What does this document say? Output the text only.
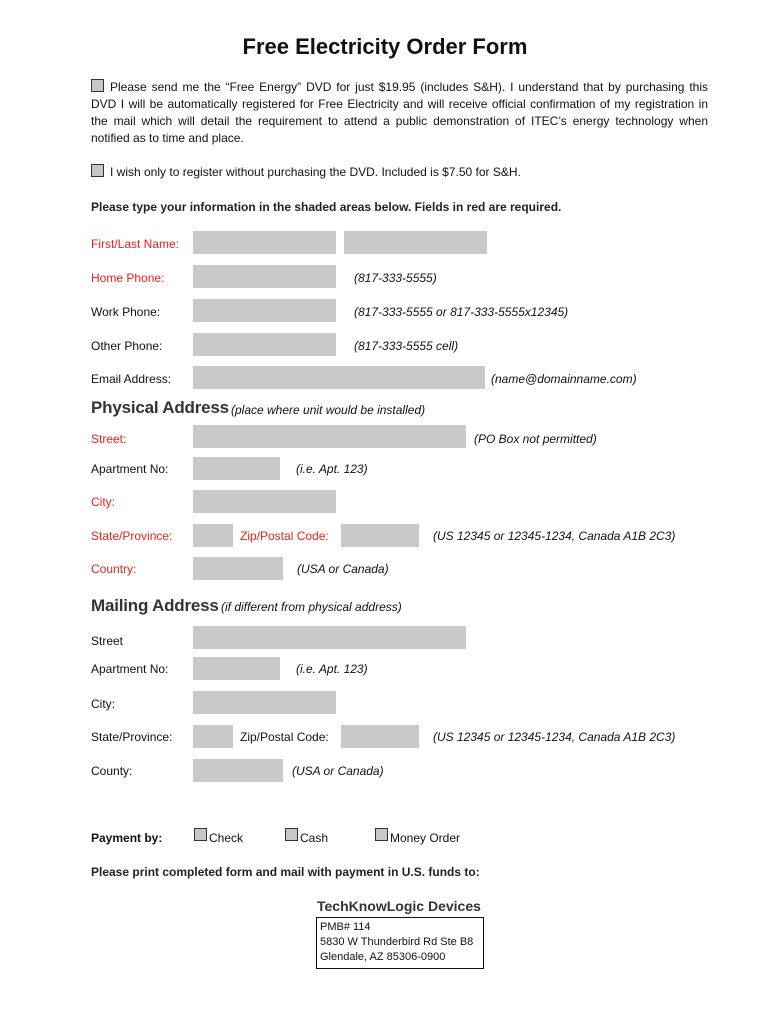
Free Electricity Order Form
Please send me the “Free Energy” DVD for just $19.95 (includes S&H). I understand that by purchasing this DVD I will be automatically registered for Free Electricity and will receive official confirmation of my registration in the mail which will detail the requirement to attend a public demonstration of ITEC’s energy technology when notified as to time and place.
I wish only to register without purchasing the DVD. Included is $7.50 for S&H.
Please type your information in the shaded areas below. Fields in red are required.
First/Last Name:
Home Phone:	(817-333-5555)
Work Phone:	(817-333-5555 or 817-333-5555x12345)
Other Phone:	(817-333-5555 cell)
Email Address:	(name@domainname.com)
Physical Address (place where unit would be installed)
Street:	(PO Box not permitted)
Apartment No:	(i.e. Apt. 123)
City:
State/Province:	Zip/Postal Code:	(US 12345 or 12345-1234, Canada A1B 2C3)
Country:	(USA or Canada)
Mailing Address (if different from physical address)
Street
Apartment No:	(i.e. Apt. 123)
City:
State/Province:	Zip/Postal Code:	(US 12345 or 12345-1234, Canada A1B 2C3)
County:	(USA or Canada)
Payment by:	Check	Cash	Money Order
Please print completed form and mail with payment in U.S. funds to:
TechKnowLogic Devices
PMB# 114
5830 W Thunderbird Rd Ste B8
Glendale, AZ 85306-0900
